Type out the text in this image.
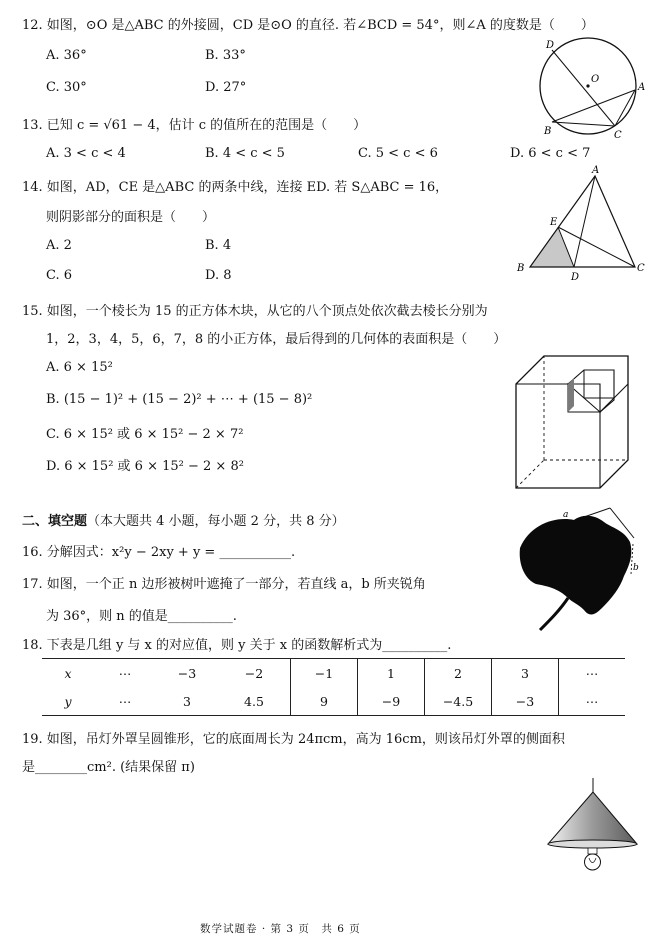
12. 如图，⊙O 是△ABC 的外接圆，CD 是⊙O 的直径. 若∠BCD = 54°，则∠A 的度数是（　　）
A. 36°	B. 33°
C. 30°	D. 27°
D
O
A
B	C
13. 已知 c = √61 − 4，估计 c 的值所在的范围是（　　）
A. 3 < c < 4	B. 4 < c < 5	C. 5 < c < 6	D. 6 < c < 7
14. 如图，AD，CE 是△ABC 的两条中线，连接 ED. 若 S△ABC = 16，
则阴影部分的面积是（　　）
A. 2	B. 4
C. 6	D. 8
A
E
B
D
C
15. 如图，一个棱长为 15 的正方体木块，从它的八个顶点处依次截去棱长分别为
1，2，3，4，5，6，7，8 的小正方体，最后得到的几何体的表面积是（　　）
A. 6 × 15²
B. (15 − 1)² + (15 − 2)² + ⋯ + (15 − 8)²
C. 6 × 15² 或 6 × 15² − 2 × 7²
D. 6 × 15² 或 6 × 15² − 2 × 8²
二、填空题（本大题共 4 小题，每小题 2 分，共 8 分）
16. 分解因式：x²y − 2xy + y = ___________.
17. 如图，一个正 n 边形被树叶遮掩了一部分，若直线 a，b 所夹锐角
为 36°，则 n 的值是__________.
18. 下表是几组 y 与 x 的对应值，则 y 关于 x 的函数解析式为__________.
a
b
x	⋯	−3	−2	−1	1	2	3	⋯
y	⋯	3	4.5	9	−9	−4.5	−3	⋯
19. 如图，吊灯外罩呈圆锥形，它的底面周长为 24πcm，高为 16cm，则该吊灯外罩的侧面积
是________cm². (结果保留 π)
数学试题卷 · 第 3 页　共 6 页
